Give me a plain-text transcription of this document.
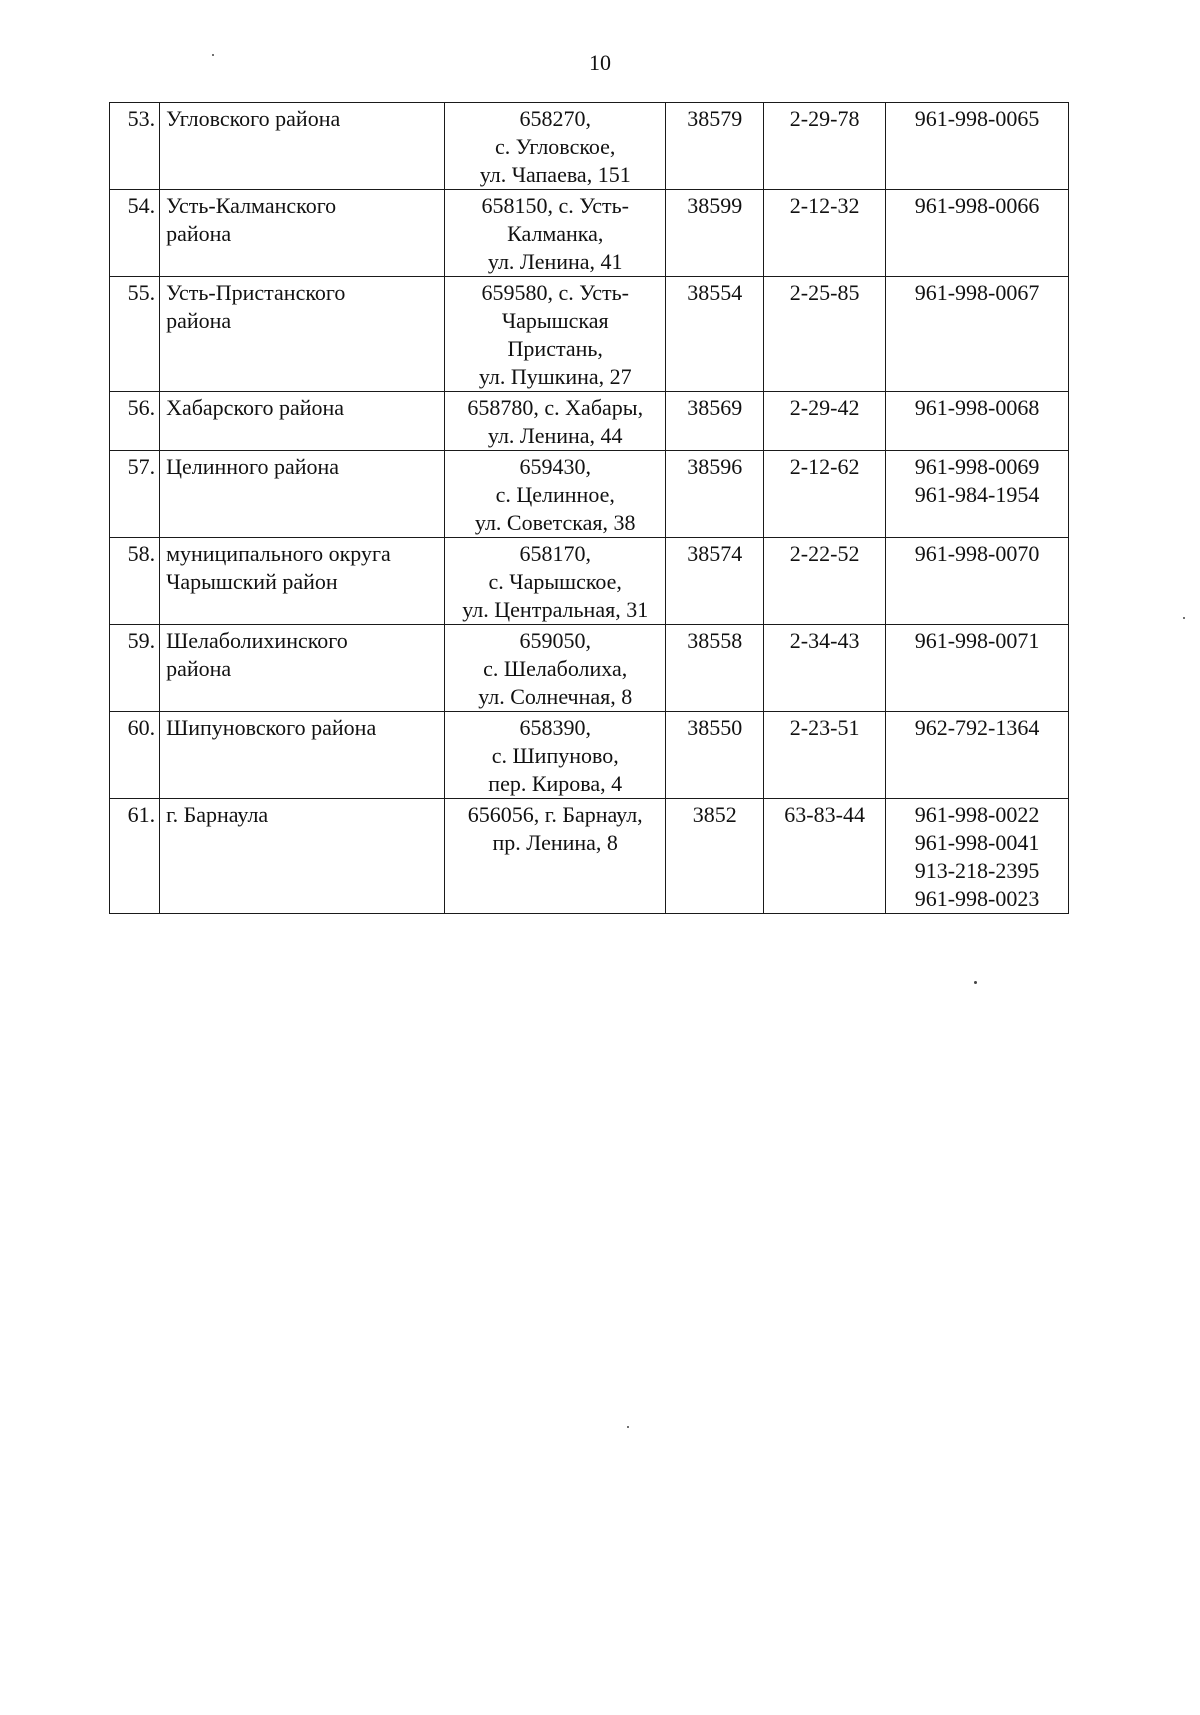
10
53.	Угловского района	658270,
с. Угловское,
ул. Чапаева, 151	38579	2-29-78	961-998-0065

54.	Усть-Калманского
района	658150, с. Усть-
Калманка,
ул. Ленина, 41	38599	2-12-32	961-998-0066

55.	Усть-Пристанского
района	659580, с. Усть-
Чарышская
Пристань,
ул. Пушкина, 27	38554	2-25-85	961-998-0067

56.	Хабарского района	658780, с. Хабары,
ул. Ленина, 44	38569	2-29-42	961-998-0068

57.	Целинного района	659430,
с. Целинное,
ул. Советская, 38	38596	2-12-62	961-998-0069
961-984-1954

58.	муниципального округа
Чарышский район	658170,
с. Чарышское,
ул. Центральная, 31	38574	2-22-52	961-998-0070

59.	Шелаболихинского
района	659050,
с. Шелаболиха,
ул. Солнечная, 8	38558	2-34-43	961-998-0071

60.	Шипуновского района	658390,
с. Шипуново,
пер. Кирова, 4	38550	2-23-51	962-792-1364

61.	г. Барнаула	656056, г. Барнаул,
пр. Ленина, 8	3852	63-83-44	961-998-0022
961-998-0041
913-218-2395
961-998-0023
